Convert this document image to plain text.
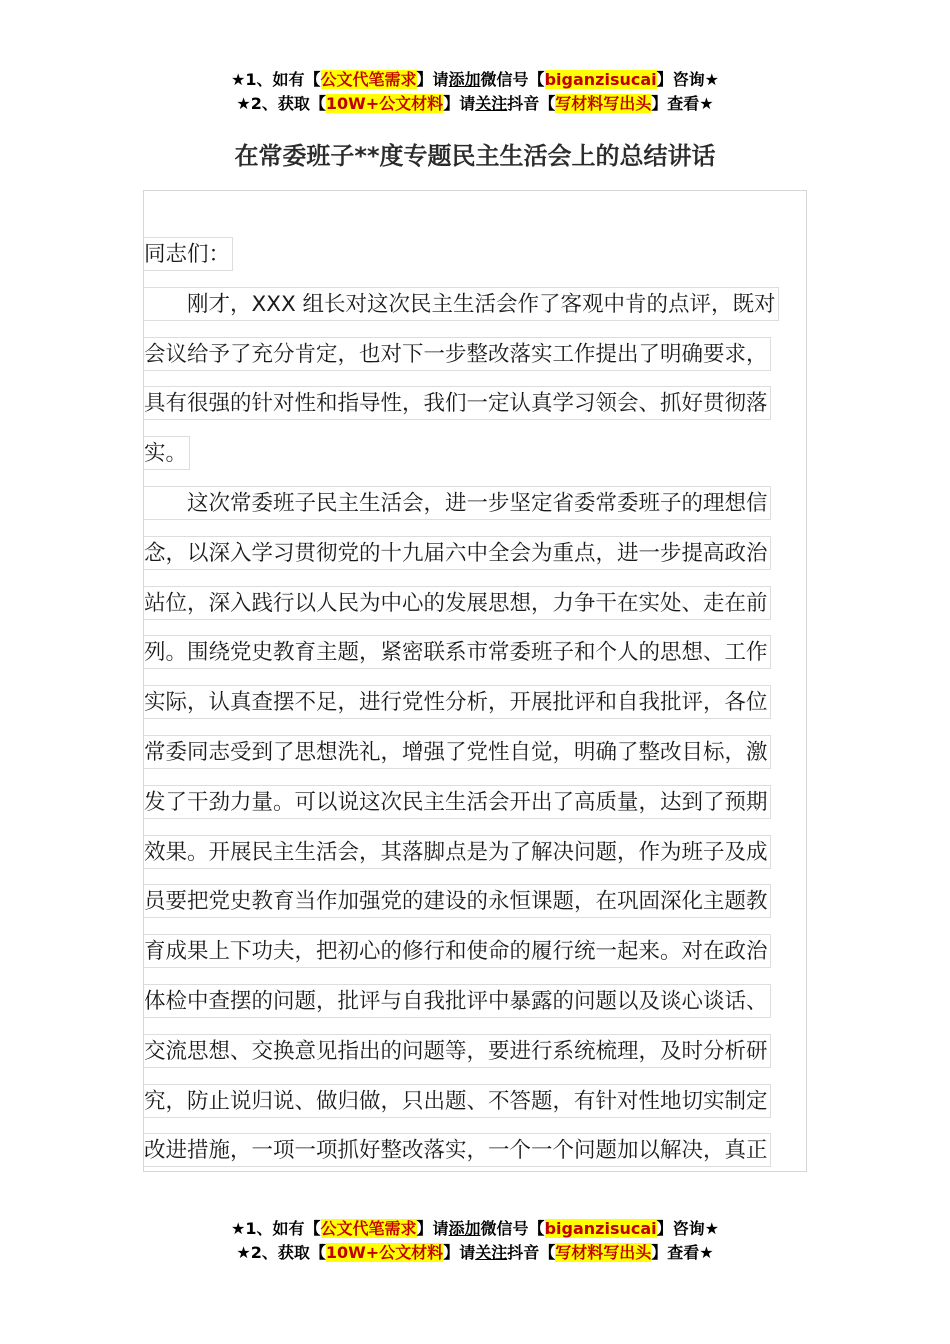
★1、如有【公文代笔需求】请添加微信号【biganzisucai】咨询★
★2、获取【10W+公文材料】请关注抖音【写材料写出头】查看★
在常委班子**度专题民主生活会上的总结讲话
同志们：
　　刚才，XXX 组长对这次民主生活会作了客观中肯的点评，既对
会议给予了充分肯定，也对下一步整改落实工作提出了明确要求，
具有很强的针对性和指导性，我们一定认真学习领会、抓好贯彻落
实。
　　这次常委班子民主生活会，进一步坚定省委常委班子的理想信
念，以深入学习贯彻党的十九届六中全会为重点，进一步提高政治
站位，深入践行以人民为中心的发展思想，力争干在实处、走在前
列。围绕党史教育主题，紧密联系市常委班子和个人的思想、工作
实际，认真查摆不足，进行党性分析，开展批评和自我批评，各位
常委同志受到了思想洗礼，增强了党性自觉，明确了整改目标，激
发了干劲力量。可以说这次民主生活会开出了高质量，达到了预期
效果。开展民主生活会，其落脚点是为了解决问题，作为班子及成
员要把党史教育当作加强党的建设的永恒课题，在巩固深化主题教
育成果上下功夫，把初心的修行和使命的履行统一起来。对在政治
体检中查摆的问题，批评与自我批评中暴露的问题以及谈心谈话、
交流思想、交换意见指出的问题等，要进行系统梳理，及时分析研
究，防止说归说、做归做，只出题、不答题，有针对性地切实制定
改进措施，一项一项抓好整改落实，一个一个问题加以解决，真正
★1、如有【公文代笔需求】请添加微信号【biganzisucai】咨询★
★2、获取【10W+公文材料】请关注抖音【写材料写出头】查看★
